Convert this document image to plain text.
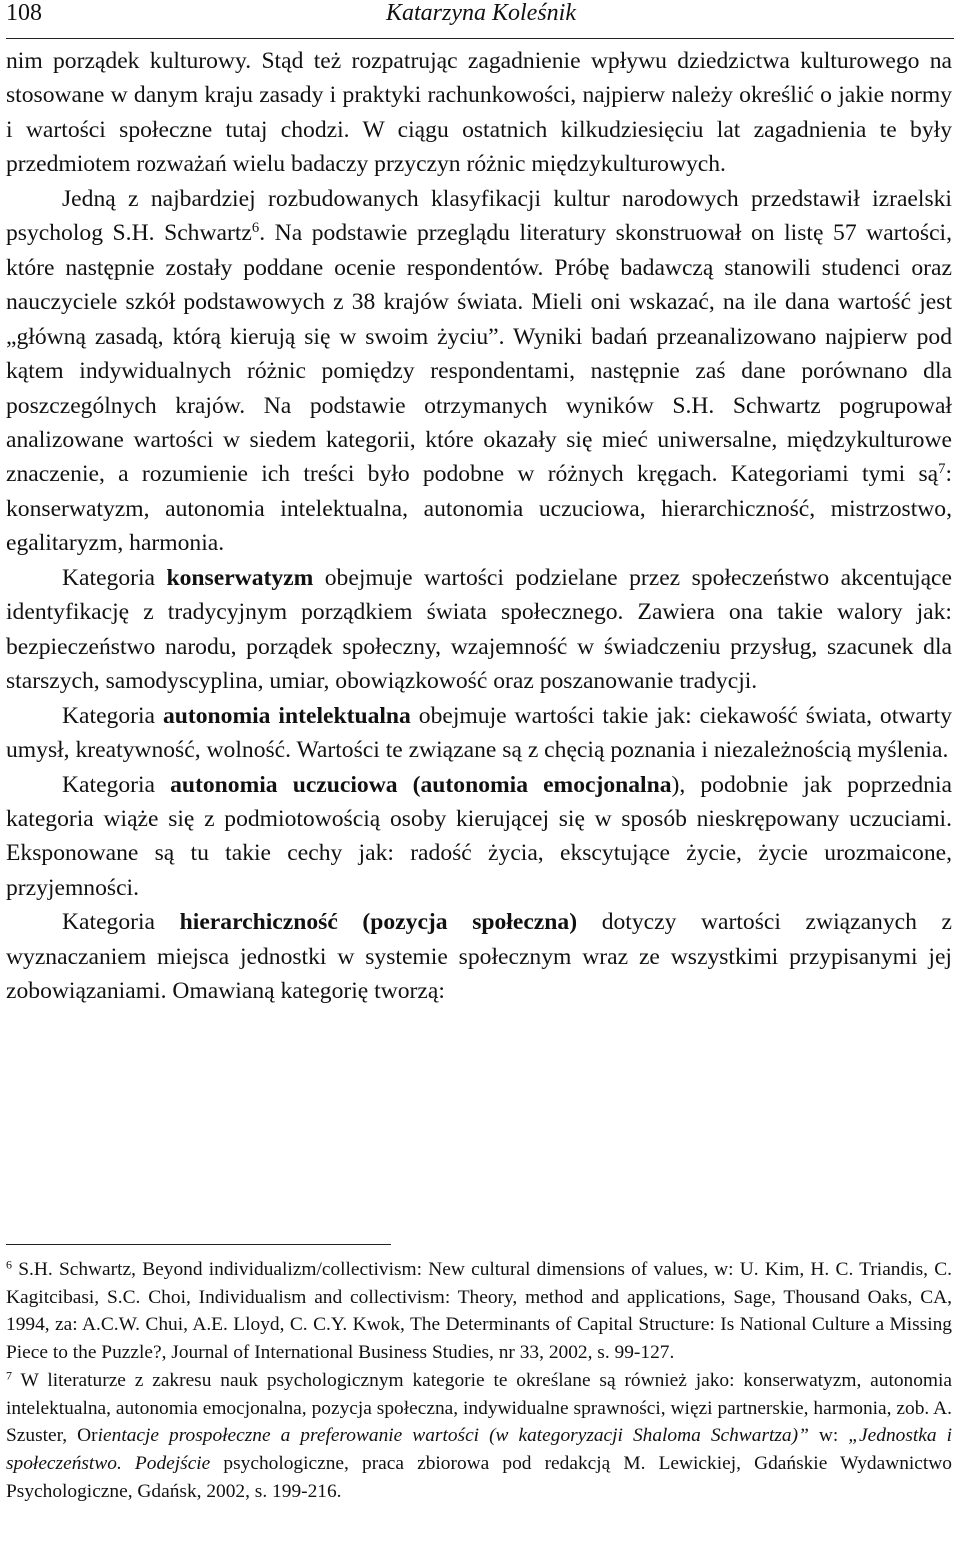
108	Katarzyna Koleśnik

nim porządek kulturowy. Stąd też rozpatrując zagadnienie wpływu dziedzictwa kulturowego na stosowane w danym kraju zasady i praktyki rachunkowości, najpierw należy określić o jakie normy i wartości społeczne tutaj chodzi. W ciągu ostatnich kilkudziesięciu lat zagadnienia te były przedmiotem rozważań wielu badaczy przyczyn różnic międzykulturowych.

Jedną z najbardziej rozbudowanych klasyfikacji kultur narodowych przedstawił izraelski psycholog S.H. Schwartz$^6$. Na podstawie przeglądu literatury skonstruował on listę 57 wartości, które następnie zostały poddane ocenie respondentów. Próbę badawczą stanowili studenci oraz nauczyciele szkół podstawowych z 38 krajów świata. Mieli oni wskazać, na ile dana wartość jest „główną zasadą, którą kierują się w swoim życiu”. Wyniki badań przeanalizowano najpierw pod kątem indywidualnych różnic pomiędzy respondentami, następnie zaś dane porównano dla poszczególnych krajów. Na podstawie otrzymanych wyników S.H. Schwartz pogrupował analizowane wartości w siedem kategorii, które okazały się mieć uniwersalne, międzykulturowe znaczenie, a rozumienie ich treści było podobne w różnych kręgach. Kategoriami tymi $są^7$: konserwatyzm, autonomia intelektualna, autonomia uczuciowa, hierarchiczność, mistrzostwo, egalitaryzm, harmonia.

Kategoria konserwatyzm obejmuje wartości podzielane przez społeczeństwo akcentujące identyfikację z tradycyjnym porządkiem świata społecznego. Zawiera ona takie walory jak: bezpieczeństwo narodu, porządek społeczny, wzajemność w świadczeniu przysług, szacunek dla starszych, samodyscyplina, umiar, obowiązkowość oraz poszanowanie tradycji.

Kategoria autonomia intelektualna obejmuje wartości takie jak: ciekawość świata, otwarty umysł, kreatywność, wolność. Wartości te związane są z chęcią poznania i niezależnością myślenia.

Kategoria autonomia uczuciowa (autonomia emocjonalna), podobnie jak poprzednia kategoria wiąże się z podmiotowością osoby kierującej się w sposób nieskrępowany uczuciami. Eksponowane są tu takie cechy jak: radość życia, ekscytujące życie, życie urozmaicone, przyjemności.

Kategoria hierarchiczność (pozycja społeczna) dotyczy wartości związanych z wyznaczaniem miejsca jednostki w systemie społecznym wraz ze wszystkimi przypisanymi jej zobowiązaniami. Omawianą kategorię tworzą:

$^6$ S.H. Schwartz, Beyond individualizm/collectivism: New cultural dimensions of values, w: U. Kim, H. C. Triandis, C. Kagitcibasi, S.C. Choi, Individualism and collectivism: Theory, method and applications, Sage, Thousand Oaks, CA, 1994, za: A.C.W. Chui, A.E. Lloyd, C. C.Y. Kwok, The Determinants of Capital Structure: Is National Culture a Missing Piece to the Puzzle?, Journal of International Business Studies, nr 33, 2002, s. 99-127.

$^7$ W literaturze z zakresu nauk psychologicznym kategorie te określane są również jako: konserwatyzm, autonomia intelektualna, autonomia emocjonalna, pozycja społeczna, indywidualne sprawności, więzi partnerskie, harmonia, zob. A. Szuster, Orientacje prospołeczne a preferowanie wartości (w kategoryzacji Shaloma Schwartza)” w: „Jednostka i społeczeństwo. Podejście psychologiczne, praca zbiorowa pod redakcją M. Lewickiej, Gdańskie Wydawnictwo Psychologiczne, Gdańsk, 2002, s. 199-216.
